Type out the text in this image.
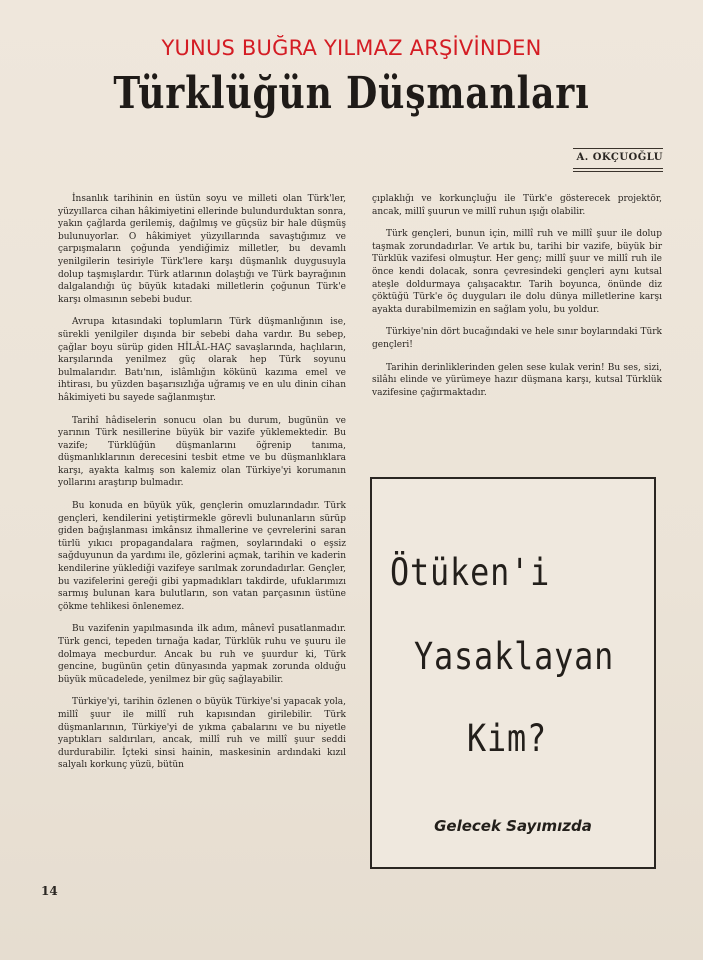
YUNUS BUĞRA YILMAZ ARŞİVİNDEN
Türklüğün Düşmanları
A. OKÇUOĞLU

İnsanlık tarihinin en üstün soyu ve milleti olan Türk'ler, yüzyıllarca cihan hâkimiyetini ellerinde bulundurduktan sonra, yakın çağlarda gerilemiş, dağılmış ve güçsüz bir hale düşmüş bulunuyorlar. O hâkimiyet yüzyıllarında savaştığımız ve çarpışmaların çoğunda yendiğimiz milletler, bu devamlı yenilgilerin tesiriyle Türk'lere karşı düşmanlık duygusuyla dolup taşmışlardır. Türk atlarının dolaştığı ve Türk bayrağının dalgalandığı üç büyük kıtadaki milletlerin çoğunun Türk'e karşı olmasının sebebi budur.

Avrupa kıtasındaki toplumların Türk düşmanlığının ise, sürekli yenilgiler dışında bir sebebi daha vardır. Bu sebep, çağlar boyu sürüp giden HİLÂL-HAÇ savaşlarında, haçlıların, karşılarında yenilmez güç olarak hep Türk soyunu bulmalarıdır. Batı'nın, islâmlığın kökünü kazıma emel ve ihtirası, bu yüzden başarısızlığa uğramış ve en ulu dinin cihan hâkimiyeti bu sayede sağlanmıştır.

Tarihî hâdiselerin sonucu olan bu durum, bugünün ve yarının Türk nesillerine büyük bir vazife yüklemektedir. Bu vazife; Türklüğün düşmanlarını öğrenip tanıma, düşmanlıklarının derecesini tesbit etme ve bu düşmanlıklara karşı, ayakta kalmış son kalemiz olan Türkiye'yi korumanın yollarını araştırıp bulmadır.

Bu konuda en büyük yük, gençlerin omuzlarındadır. Türk gençleri, kendilerini yetiştirmekle görevli bulunanların sürüp giden bağışlanması imkânsız ihmallerine ve çevrelerini saran türlü yıkıcı propagandalara rağmen, soylarındaki o eşsiz sağduyunun da yardımı ile, gözlerini açmak, tarihin ve kaderin kendilerine yüklediği vazifeye sarılmak zorundadırlar. Gençler, bu vazifelerini gereği gibi yapmadıkları takdirde, ufuklarımızı sarmış bulunan kara bulutların, son vatan parçasının üstüne çökme tehlikesi önlenemez.

Bu vazifenin yapılmasında ilk adım, mânevî pusatlanmadır. Türk genci, tepeden tırnağa kadar, Türklük ruhu ve şuuru ile dolmaya mecburdur. Ancak bu ruh ve şuurdur ki, Türk gencine, bugünün çetin dünyasında yapmak zorunda olduğu büyük mücadelede, yenilmez bir güç sağlayabilir.

Türkiye'yi, tarihin özlenen o büyük Türkiye'si yapacak yola, millî şuur ile millî ruh kapısından girilebilir. Türk düşmanlarının, Türkiye'yi de yıkma çabalarını ve bu niyetle yaptıkları saldırıları, ancak, millî ruh ve millî şuur seddi durdurabilir. İçteki sinsi hainin, maskesinin ardındaki kızıl salyalı korkunç yüzü, bütün

çıplaklığı ve korkunçluğu ile Türk'e gösterecek projektör, ancak, millî şuurun ve millî ruhun ışığı olabilir.

Türk gençleri, bunun için, millî ruh ve millî şuur ile dolup taşmak zorundadırlar. Ve artık bu, tarihi bir vazife, büyük bir Türklük vazifesi olmuştur. Her genç; millî şuur ve millî ruh ile önce kendi dolacak, sonra çevresindeki gençleri aynı kutsal ateşle doldurmaya çalışacaktır. Tarih boyunca, önünde diz çöktüğü Türk'e öç duyguları ile dolu dünya milletlerine karşı ayakta durabilmemizin en sağlam yolu, bu yoldur.

Türkiye'nin dört bucağındaki ve hele sınır boylarındaki Türk gençleri!

Tarihin derinliklerinden gelen sese kulak verin! Bu ses, sizi, silâhı elinde ve yürümeye hazır düşmana karşı, kutsal Türklük vazifesine çağırmaktadır.

Ötüken'i
Yasaklayan
Kim?
Gelecek Sayımızda
14
